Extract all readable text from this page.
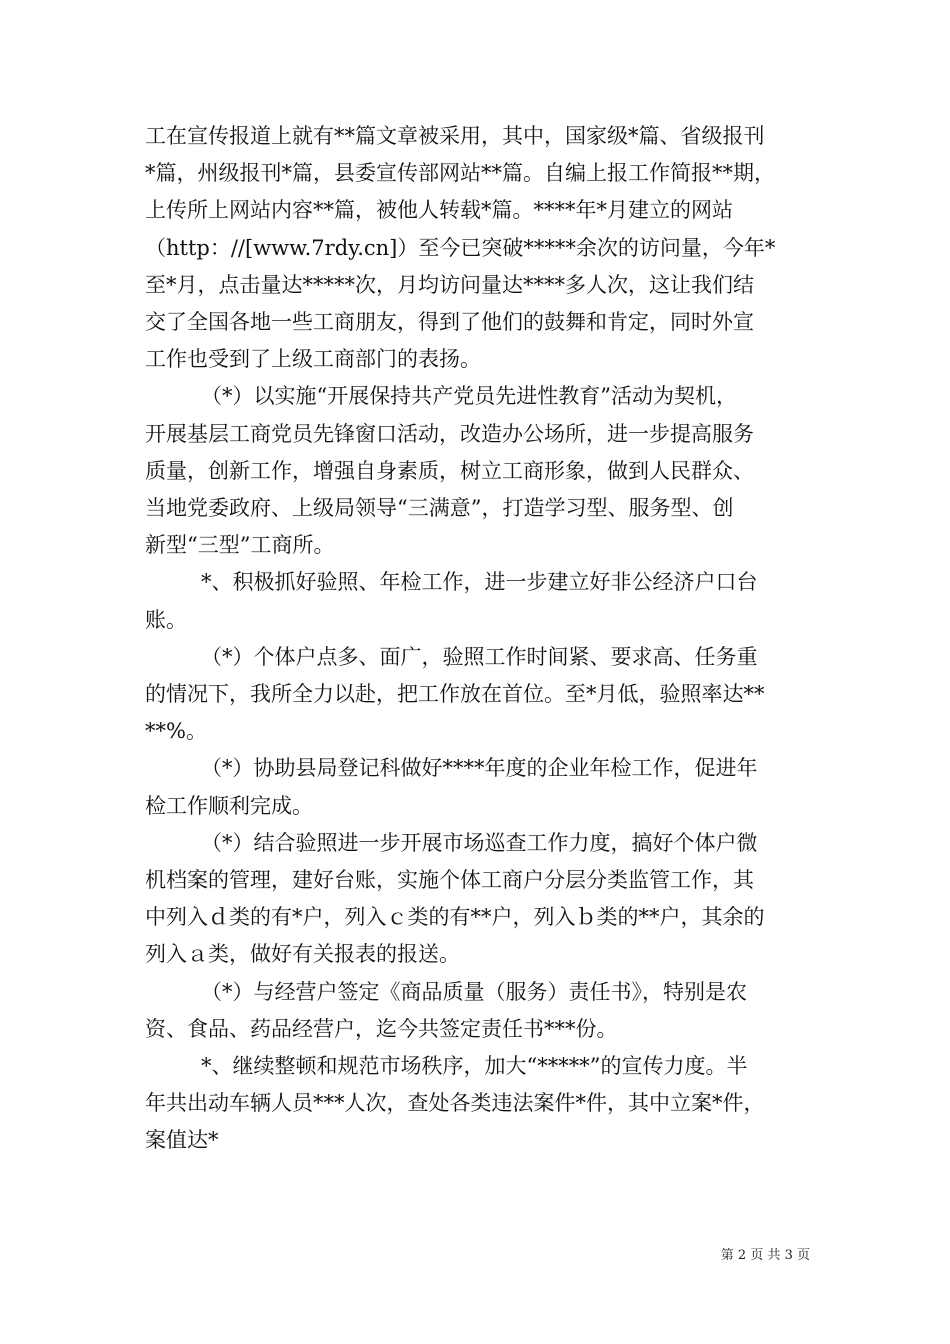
工在宣传报道上就有**篇文章被采用，其中，国家级*篇、省级报刊
*篇，州级报刊*篇，县委宣传部网站**篇。自编上报工作简报**期，
上传所上网站内容**篇，被他人转载*篇。****年*月建立的网站
（http：//[www.7rdy.cn]）至今已突破*****余次的访问量，今年*
至*月，点击量达*****次，月均访问量达****多人次，这让我们结
交了全国各地一些工商朋友，得到了他们的鼓舞和肯定，同时外宣
工作也受到了上级工商部门的表扬。
（*）以实施“开展保持共产党员先进性教育”活动为契机，
开展基层工商党员先锋窗口活动，改造办公场所，进一步提高服务
质量，创新工作，增强自身素质，树立工商形象，做到人民群众、
当地党委政府、上级局领导“三满意”，打造学习型、服务型、创
新型“三型”工商所。
*、积极抓好验照、年检工作，进一步建立好非公经济户口台
账。
（*）个体户点多、面广，验照工作时间紧、要求高、任务重
的情况下，我所全力以赴，把工作放在首位。至*月低，验照率达**
**%。
（*）协助县局登记科做好****年度的企业年检工作，促进年
检工作顺利完成。
（*）结合验照进一步开展市场巡查工作力度，搞好个体户微
机档案的管理，建好台账，实施个体工商户分层分类监管工作，其
中列入ｄ类的有*户，列入ｃ类的有**户，列入ｂ类的**户，其余的
列入ａ类，做好有关报表的报送。
（*）与经营户签定《商品质量（服务）责任书》，特别是农
资、食品、药品经营户，迄今共签定责任书***份。
*、继续整顿和规范市场秩序，加大“*****”的宣传力度。半
年共出动车辆人员***人次，查处各类违法案件*件，其中立案*件，
案值达*
第 2 页 共 3 页
